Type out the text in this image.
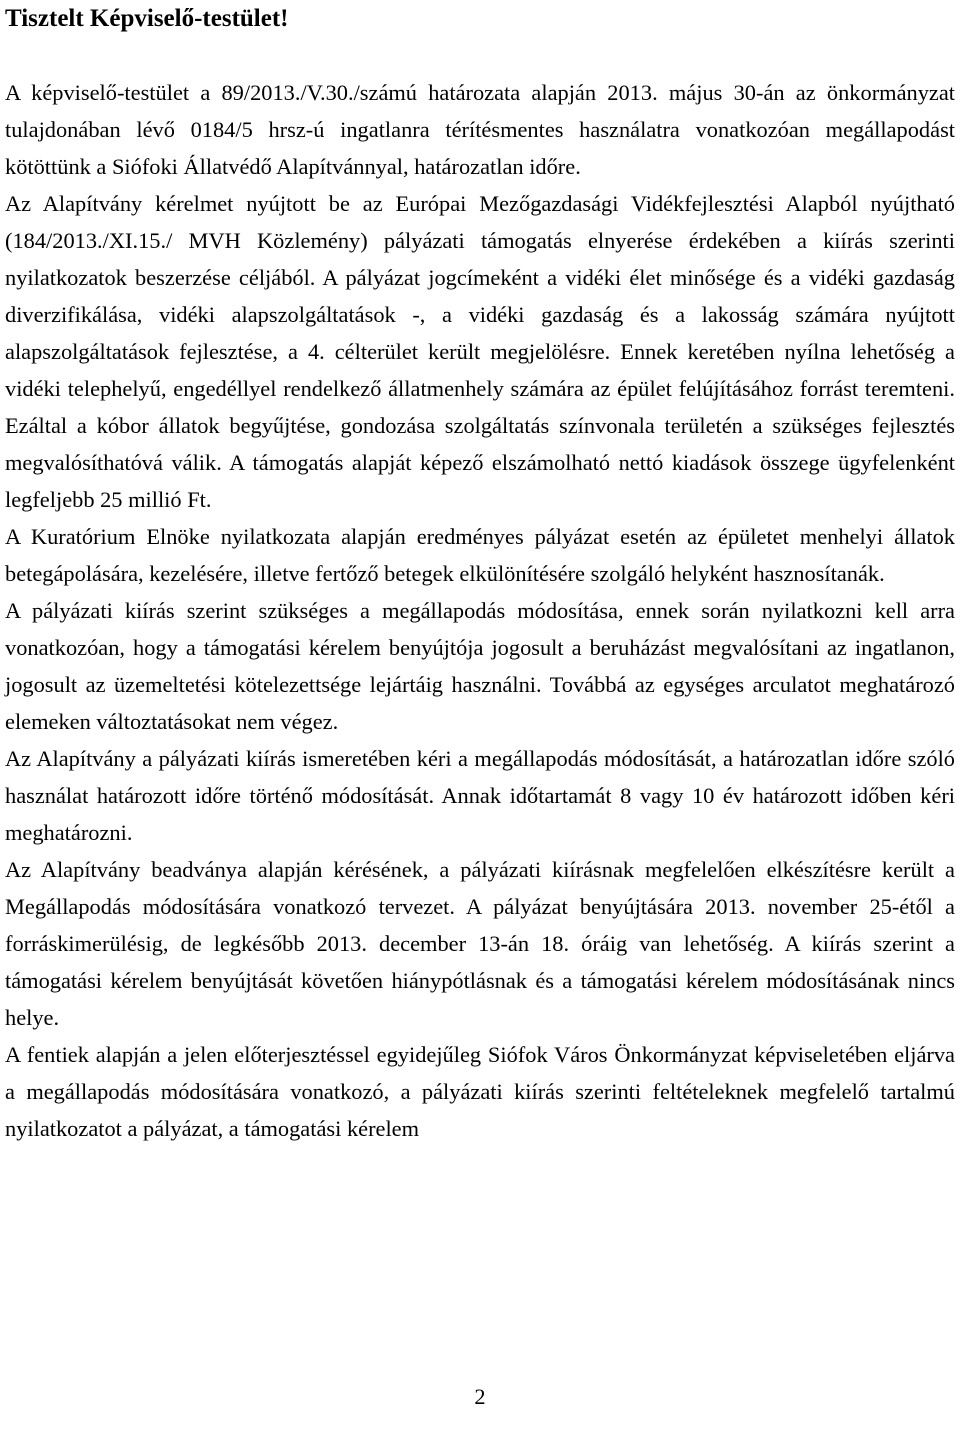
Tisztelt Képviselő-testület!

A képviselő-testület a 89/2013./V.30./számú határozata alapján 2013. május 30-án az önkormányzat tulajdonában lévő 0184/5 hrsz-ú ingatlanra térítésmentes használatra vonatkozóan megállapodást kötöttünk a Siófoki Állatvédő Alapítvánnyal, határozatlan időre.

Az Alapítvány kérelmet nyújtott be az Európai Mezőgazdasági Vidékfejlesztési Alapból nyújtható (184/2013./XI.15./ MVH Közlemény) pályázati támogatás elnyerése érdekében a kiírás szerinti nyilatkozatok beszerzése céljából. A pályázat jogcímeként a vidéki élet minősége és a vidéki gazdaság diverzifikálása, vidéki alapszolgáltatások -, a vidéki gazdaság és a lakosság számára nyújtott alapszolgáltatások fejlesztése, a 4. célterület került megjelölésre. Ennek keretében nyílna lehetőség a vidéki telephelyű, engedéllyel rendelkező állatmenhely számára az épület felújításához forrást teremteni. Ezáltal a kóbor állatok begyűjtése, gondozása szolgáltatás színvonala területén a szükséges fejlesztés megvalósíthatóvá válik. A támogatás alapját képező elszámolható nettó kiadások összege ügyfelenként legfeljebb 25 millió Ft.

A Kuratórium Elnöke nyilatkozata alapján eredményes pályázat esetén az épületet menhelyi állatok betegápolására, kezelésére, illetve fertőző betegek elkülönítésére szolgáló helyként hasznosítanák.

A pályázati kiírás szerint szükséges a megállapodás módosítása, ennek során nyilatkozni kell arra vonatkozóan, hogy a támogatási kérelem benyújtója jogosult a beruházást megvalósítani az ingatlanon, jogosult az üzemeltetési kötelezettsége lejártáig használni. Továbbá az egységes arculatot meghatározó elemeken változtatásokat nem végez.

Az Alapítvány a pályázati kiírás ismeretében kéri a megállapodás módosítását, a határozatlan időre szóló használat határozott időre történő módosítását. Annak időtartamát 8 vagy 10 év határozott időben kéri meghatározni.

Az Alapítvány beadványa alapján kérésének, a pályázati kiírásnak megfelelően elkészítésre került a Megállapodás módosítására vonatkozó tervezet. A pályázat benyújtására 2013. november 25-étől a forráskimerülésig, de legkésőbb 2013. december 13-án 18. óráig van lehetőség. A kiírás szerint a támogatási kérelem benyújtását követően hiánypótlásnak és a támogatási kérelem módosításának nincs helye.

A fentiek alapján a jelen előterjesztéssel egyidejűleg Siófok Város Önkormányzat képviseletében eljárva a megállapodás módosítására vonatkozó, a pályázati kiírás szerinti feltételeknek megfelelő tartalmú nyilatkozatot a pályázat, a támogatási kérelem

2
